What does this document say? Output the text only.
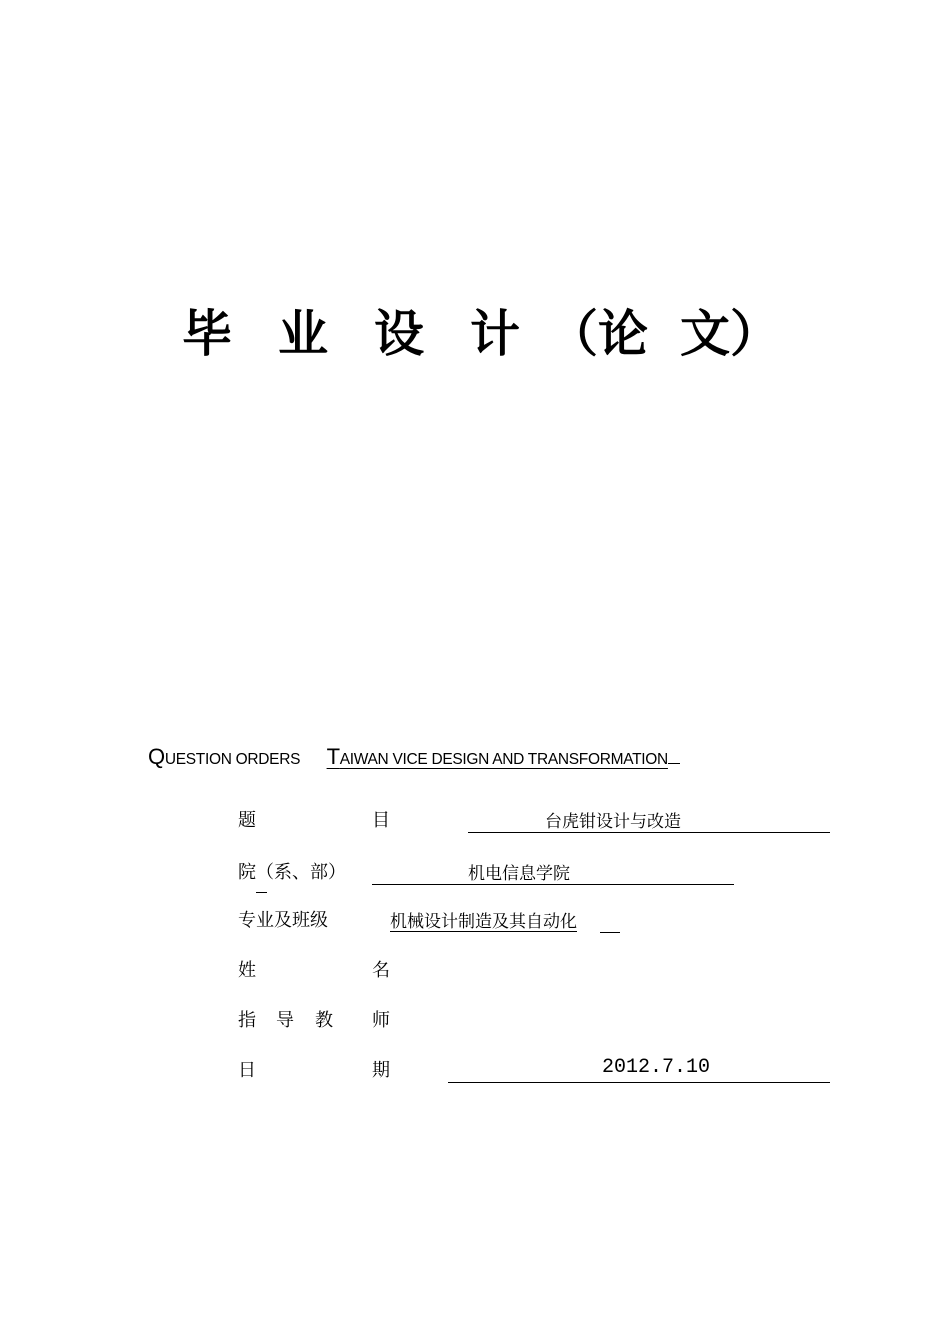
毕 业 设 计 （论 文）
QUESTION ORDERS TAIWAN VICE DESIGN AND TRANSFORMATION
题	目	台虎钳设计与改造
院（系、部）	机电信息学院
专业及班级	机械设计制造及其自动化
姓	名
指 导 教 师
日	期	2012.7.10
